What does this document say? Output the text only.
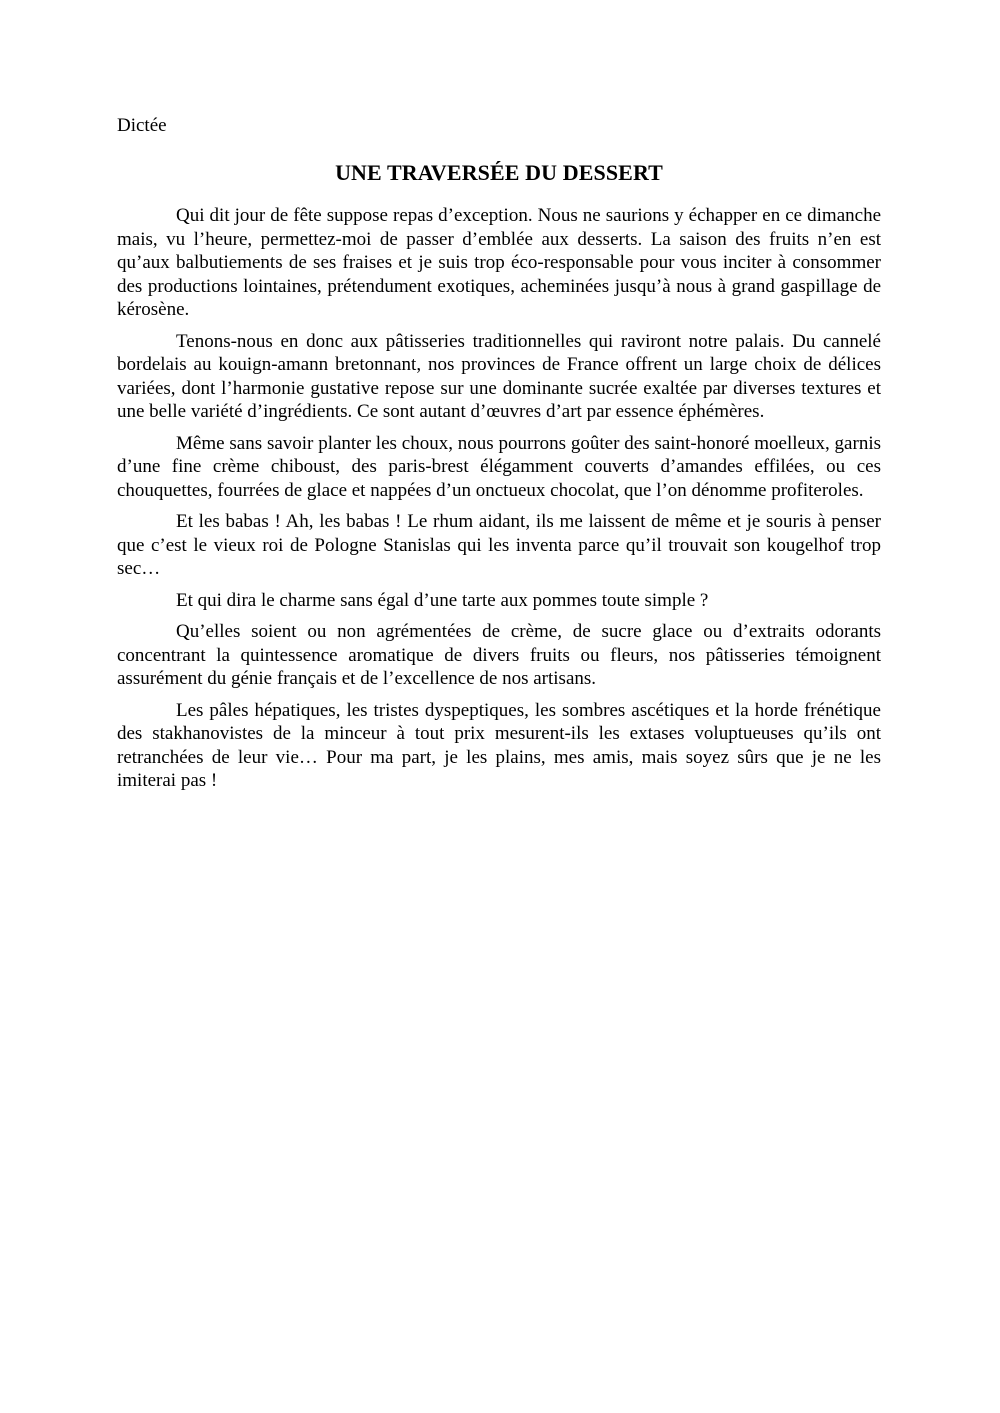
Dictée

UNE TRAVERSÉE DU DESSERT

Qui dit jour de fête suppose repas d’exception. Nous ne saurions y échapper en ce dimanche mais, vu l’heure, permettez-moi de passer d’emblée aux desserts. La saison des fruits n’en est qu’aux balbutiements de ses fraises et je suis trop éco-responsable pour vous inciter à consommer des productions lointaines, prétendument exotiques, acheminées jusqu’à nous à grand gaspillage de kérosène.

Tenons-nous en donc aux pâtisseries traditionnelles qui raviront notre palais. Du cannelé bordelais au kouign-amann bretonnant, nos provinces de France offrent un large choix de délices variées, dont l’harmonie gustative repose sur une dominante sucrée exaltée par diverses textures et une belle variété d’ingrédients. Ce sont autant d’œuvres d’art par essence éphémères.

Même sans savoir planter les choux, nous pourrons goûter des saint-honoré moelleux, garnis d’une fine crème chiboust, des paris-brest élégamment couverts d’amandes effilées, ou ces chouquettes, fourrées de glace et nappées d’un onctueux chocolat, que l’on dénomme profiteroles.

Et les babas ! Ah, les babas ! Le rhum aidant, ils me laissent de même et je souris à penser que c’est le vieux roi de Pologne Stanislas qui les inventa parce qu’il trouvait son kougelhof trop sec…

Et qui dira le charme sans égal d’une tarte aux pommes toute simple ?

Qu’elles soient ou non agrémentées de crème, de sucre glace ou d’extraits odorants concentrant la quintessence aromatique de divers fruits ou fleurs, nos pâtisseries témoignent assurément du génie français et de l’excellence de nos artisans.

Les pâles hépatiques, les tristes dyspeptiques, les sombres ascétiques et la horde frénétique des stakhanovistes de la minceur à tout prix mesurent-ils les extases voluptueuses qu’ils ont retranchées de leur vie… Pour ma part, je les plains, mes amis, mais soyez sûrs que je ne les imiterai pas !
